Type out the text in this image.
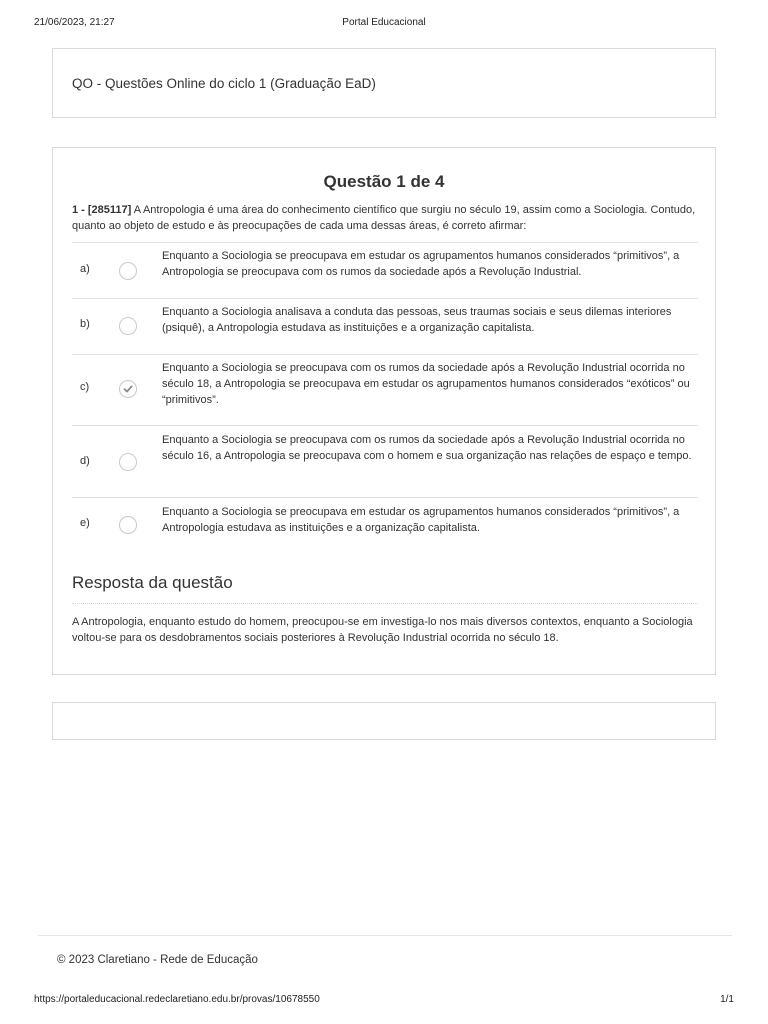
21/06/2023, 21:27	Portal Educacional
QO - Questões Online do ciclo 1 (Graduação EaD)
Questão 1 de 4
1 - [285117] A Antropologia é uma área do conhecimento científico que surgiu no século 19, assim como a Sociologia. Contudo, quanto ao objeto de estudo e às preocupações de cada uma dessas áreas, é correto afirmar:
a)
Enquanto a Sociologia se preocupava em estudar os agrupamentos humanos considerados “primitivos”, a Antropologia se preocupava com os rumos da sociedade após a Revolução Industrial.
b)
Enquanto a Sociologia analisava a conduta das pessoas, seus traumas sociais e seus dilemas interiores (psiquê), a Antropologia estudava as instituições e a organização capitalista.
c)
Enquanto a Sociologia se preocupava com os rumos da sociedade após a Revolução Industrial ocorrida no século 18, a Antropologia se preocupava em estudar os agrupamentos humanos considerados “exóticos” ou “primitivos”.
d)
Enquanto a Sociologia se preocupava com os rumos da sociedade após a Revolução Industrial ocorrida no século 16, a Antropologia se preocupava com o homem e sua organização nas relações de espaço e tempo.
e)
Enquanto a Sociologia se preocupava em estudar os agrupamentos humanos considerados “primitivos”, a Antropologia estudava as instituições e a organização capitalista.
Resposta da questão
A Antropologia, enquanto estudo do homem, preocupou-se em investiga-lo nos mais diversos contextos, enquanto a Sociologia voltou-se para os desdobramentos sociais posteriores à Revolução Industrial ocorrida no século 18.
© 2023 Claretiano - Rede de Educação
https://portaleducacional.redeclaretiano.edu.br/provas/10678550	1/1
